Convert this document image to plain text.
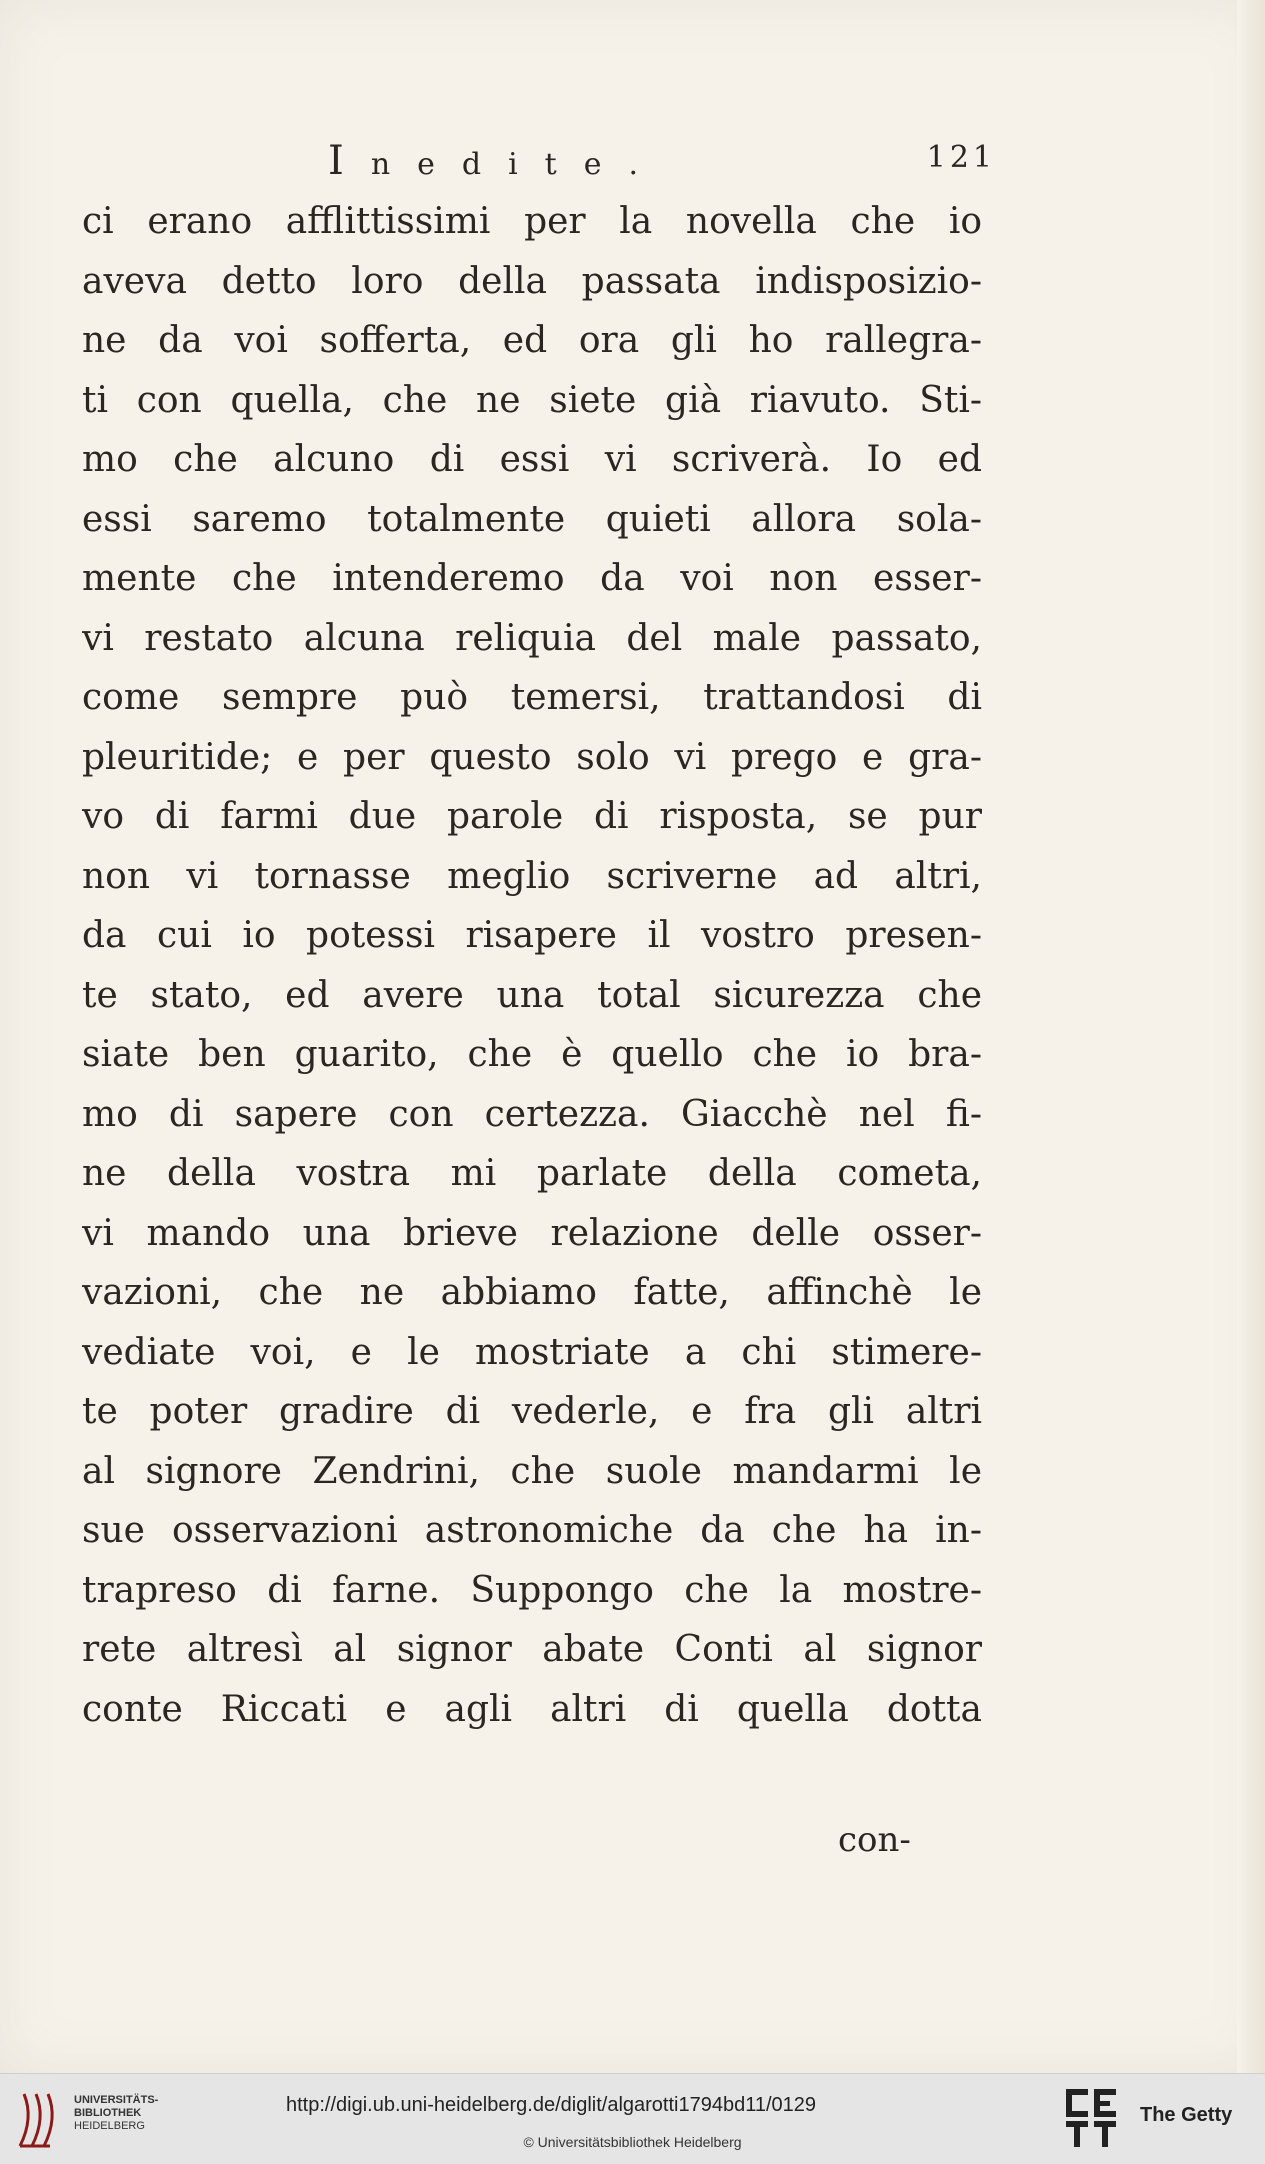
Inedite.	121
ci erano afflittissimi per la novella che io
aveva detto loro della passata indisposizio-
ne da voi sofferta, ed ora gli ho rallegra-
ti con quella, che ne siete già riavuto. Sti-
mo che alcuno di essi vi scriverà. Io ed
essi saremo totalmente quieti allora sola-
mente che intenderemo da voi non esser-
vi restato alcuna reliquia del male passato,
come sempre può temersi, trattandosi di
pleuritide; e per questo solo vi prego e gra-
vo di farmi due parole di risposta, se pur
non vi tornasse meglio scriverne ad altri,
da cui io potessi risapere il vostro presen-
te stato, ed avere una total sicurezza che
siate ben guarito, che è quello che io bra-
mo di sapere con certezza. Giacchè nel fi-
ne della vostra mi parlate della cometa,
vi mando una brieve relazione delle osser-
vazioni, che ne abbiamo fatte, affinchè le
vediate voi, e le mostriate a chi stimere-
te poter gradire di vederle, e fra gli altri
al signore Zendrini, che suole mandarmi le
sue osservazioni astronomiche da che ha in-
trapreso di farne. Suppongo che la mostre-
rete altresì al signor abate Conti al signor
conte Riccati e agli altri di quella dotta
con-
UNIVERSITÄTS-
BIBLIOTHEK
HEIDELBERG
http://digi.ub.uni-heidelberg.de/diglit/algarotti1794bd11/0129
© Universitätsbibliothek Heidelberg
The Getty
